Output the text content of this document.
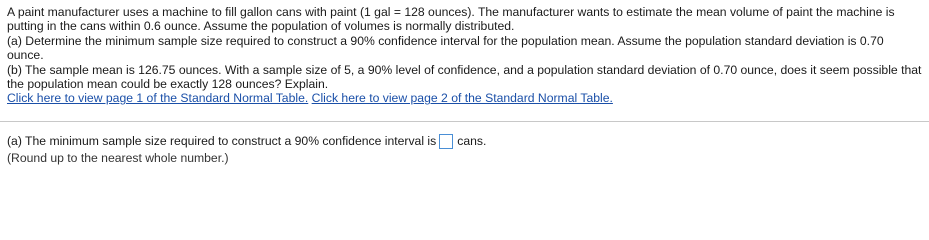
A paint manufacturer uses a machine to fill gallon cans with paint (1 gal = 128 ounces). The manufacturer wants to estimate the mean volume of paint the machine is putting in the cans within 0.6 ounce. Assume the population of volumes is normally distributed.

(a) Determine the minimum sample size required to construct a 90% confidence interval for the population mean. Assume the population standard deviation is 0.70 ounce.

(b) The sample mean is 126.75 ounces. With a sample size of 5, a 90% level of confidence, and a population standard deviation of 0.70 ounce, does it seem possible that the population mean could be exactly 128 ounces? Explain.

Click here to view page 1 of the Standard Normal Table. Click here to view page 2 of the Standard Normal Table.

(a) The minimum sample size required to construct a 90% confidence interval is cans.
(Round up to the nearest whole number.)
